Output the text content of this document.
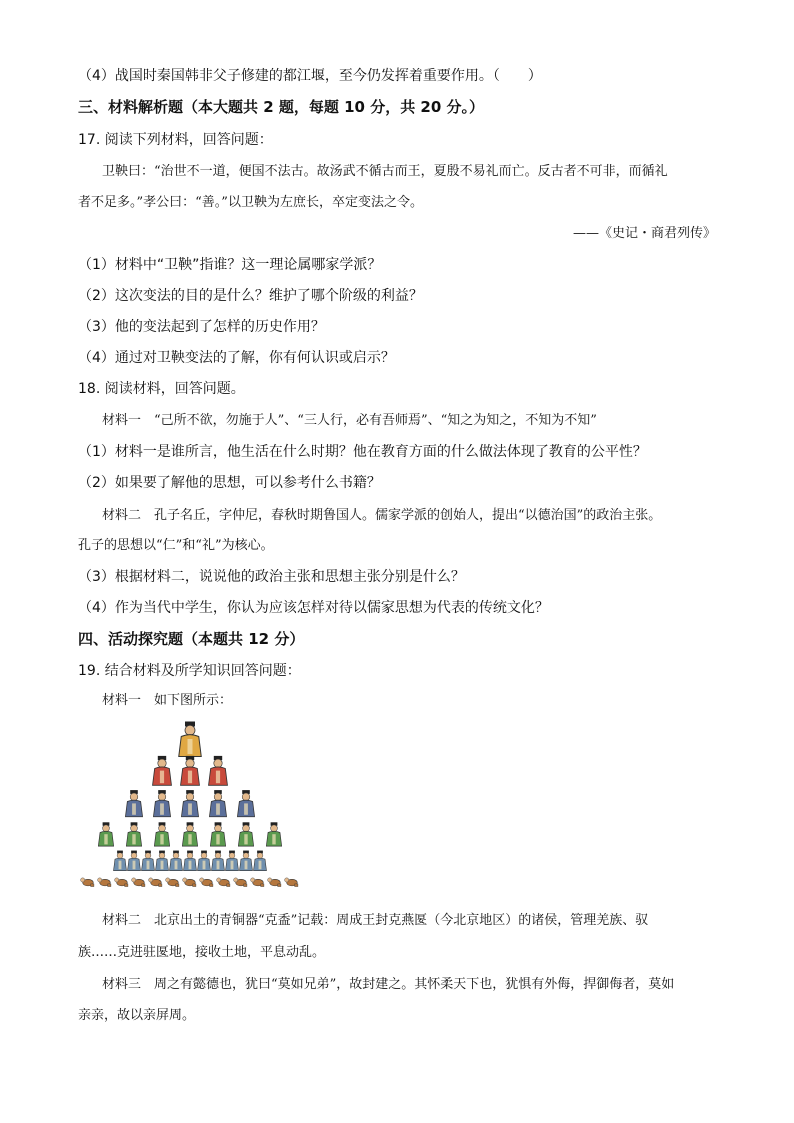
（4）战国时秦国韩非父子修建的都江堰，至今仍发挥着重要作用。（　　）
三、材料解析题（本大题共 2 题，每题 10 分，共 20 分。）
17. 阅读下列材料，回答问题：
卫鞅曰：“治世不一道，便国不法古。故汤武不循古而王，夏殷不易礼而亡。反古者不可非，而循礼
者不足多。”孝公曰：“善。”以卫鞅为左庶长，卒定变法之令。
——《史记・商君列传》
（1）材料中“卫鞅”指谁？这一理论属哪家学派？
（2）这次变法的目的是什么？维护了哪个阶级的利益？
（3）他的变法起到了怎样的历史作用？
（4）通过对卫鞅变法的了解，你有何认识或启示？
18. 阅读材料，回答问题。
材料一　“己所不欲，勿施于人”、“三人行，必有吾师焉”、“知之为知之，不知为不知”
（1）材料一是谁所言，他生活在什么时期？他在教育方面的什么做法体现了教育的公平性？
（2）如果要了解他的思想，可以参考什么书籍？
材料二　孔子名丘，字仲尼，春秋时期鲁国人。儒家学派的创始人，提出“以德治国”的政治主张。
孔子的思想以“仁”和“礼”为核心。
（3）根据材料二，说说他的政治主张和思想主张分别是什么？
（4）作为当代中学生，你认为应该怎样对待以儒家思想为代表的传统文化？
四、活动探究题（本题共 12 分）
19. 结合材料及所学知识回答问题：
材料一　如下图所示：
材料二　北京出土的青铜器“克盉”记载：周成王封克燕匽（今北京地区）的诸侯，管理羌族、驭
族……克进驻匽地，接收土地，平息动乱。
材料三　周之有懿德也，犹曰“莫如兄弟”，故封建之。其怀柔天下也，犹惧有外侮，捍御侮者，莫如
亲亲，故以亲屏周。
